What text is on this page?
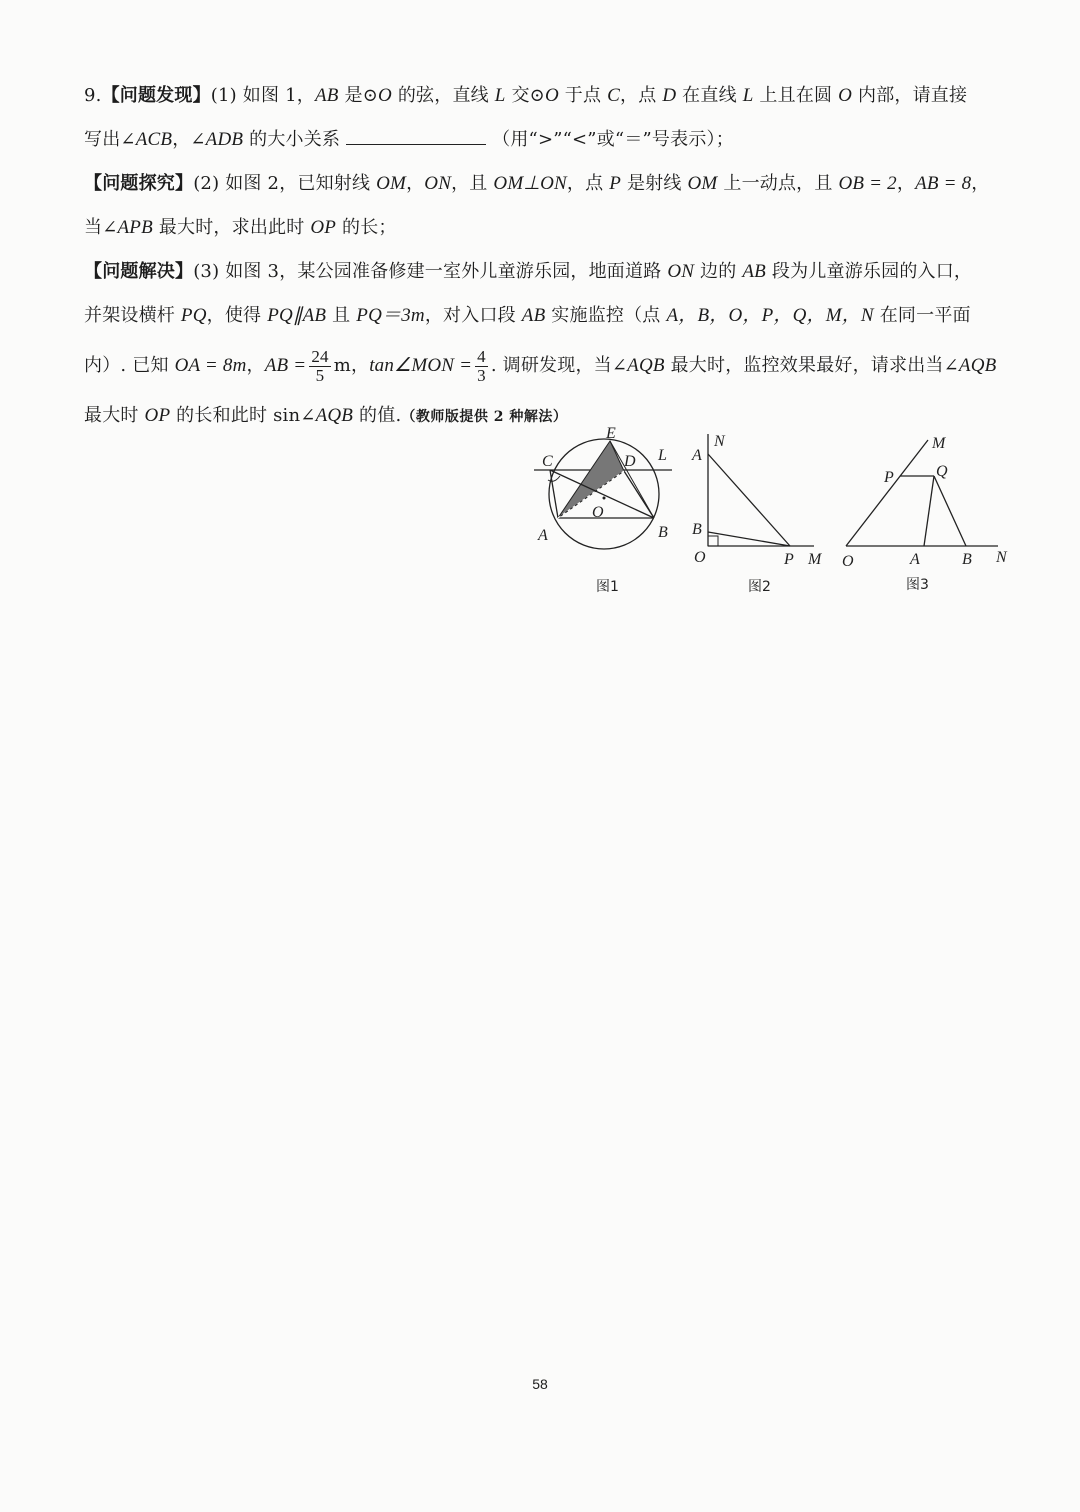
9.【问题发现】(1) 如图 1，AB 是⊙O 的弦，直线 L 交⊙O 于点 C，点 D 在直线 L 上且在圆 O 内部，请直接
写出∠ACB，∠ADB 的大小关系	（用“>”“<”或“＝”号表示）；
【问题探究】(2) 如图 2，已知射线 OM，ON，且 OM⊥ON，点 P 是射线 OM 上一动点，且 OB = 2，AB = 8，
当∠APB 最大时，求出此时 OP 的长；
【问题解决】(3) 如图 3，某公园准备修建一室外儿童游乐园，地面道路 ON 边的 AB 段为儿童游乐园的入口，
并架设横杆 PQ，使得 PQ∥AB 且 PQ＝3m，对入口段 AB 实施监控（点 A，B，O，P，Q，M，N 在同一平面
内）. 已知 OA = 8m，AB = $\frac{24}{5}$ m，tan∠MON = $\frac{4}{3}$ . 调研发现，当∠AQB 最大时，监控效果最好，请求出当∠AQB
最大时 OP 的长和此时 sin∠AQB 的值.（教师版提供 2 种解法）
E
C	D L
O
A	B
图1
N
A
B
O	P M
图2
M
P	Q
O	A	B N
图3
58
